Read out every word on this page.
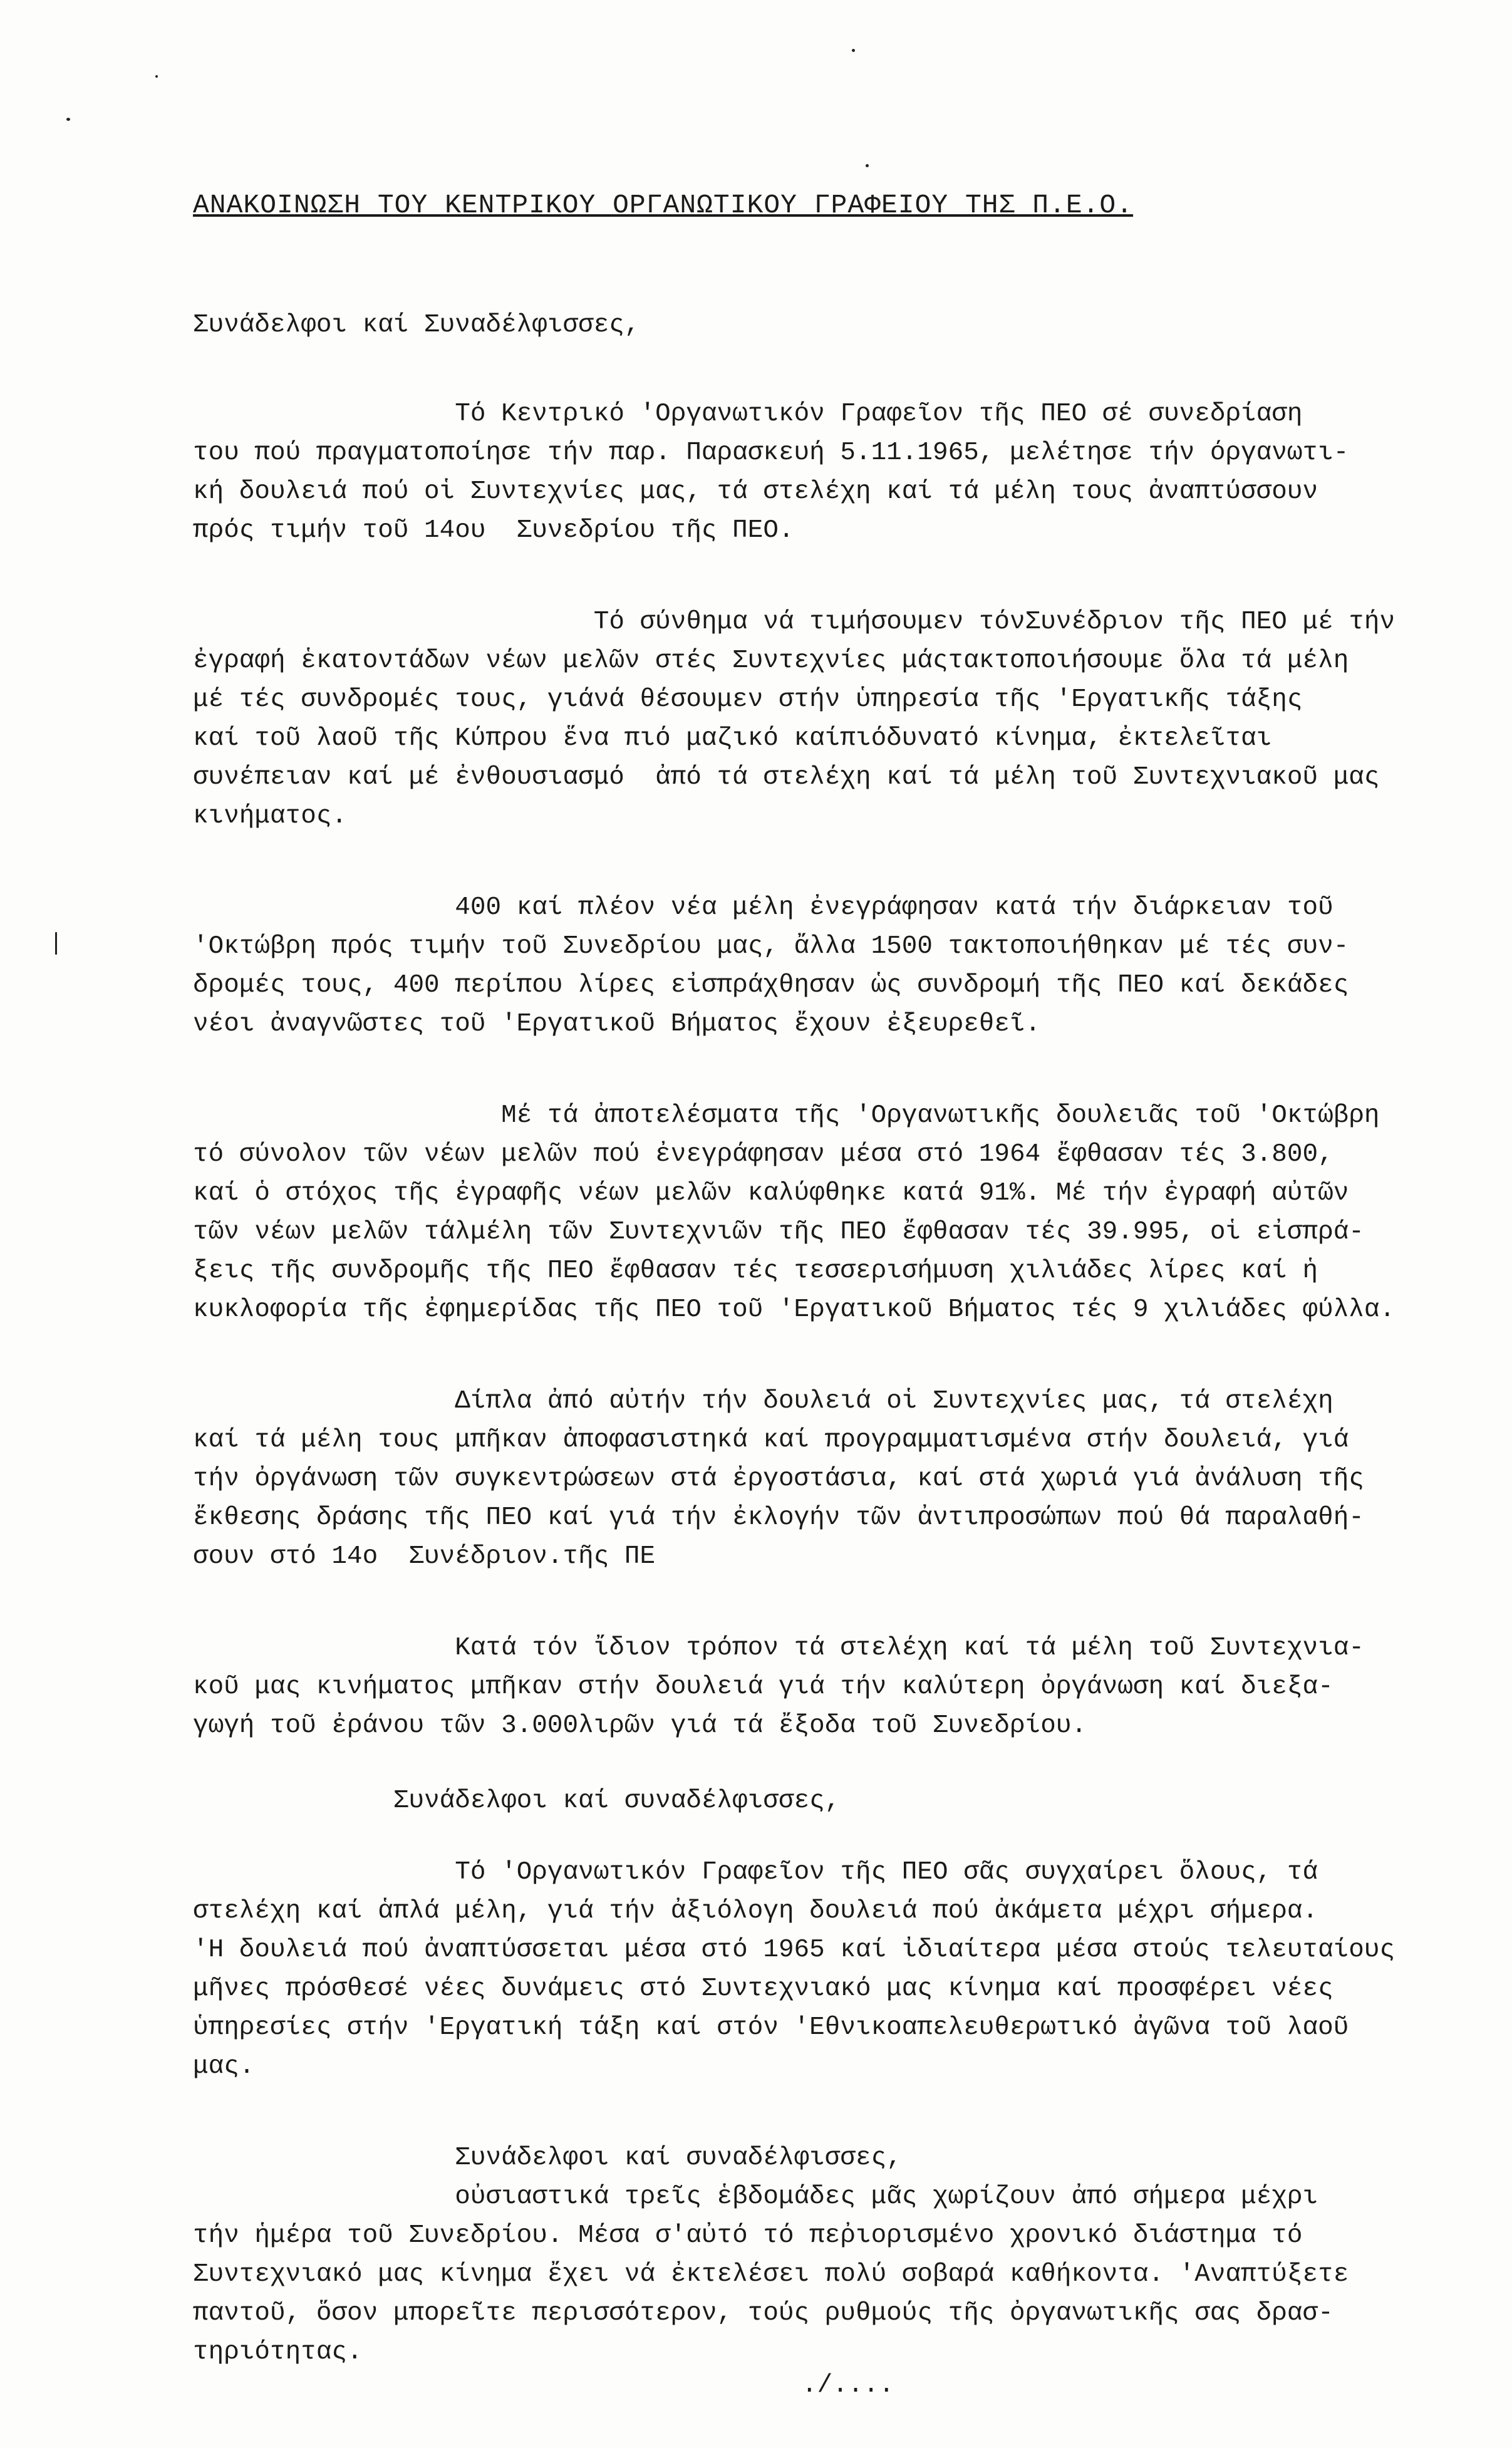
ΑΝΑΚΟΙΝΩΣΗ ΤΟΥ ΚΕΝΤΡΙΚΟΥ ΟΡΓΑΝΩΤΙΚΟΥ ΓΡΑΦΕΙΟΥ ΤΗΣ Π.Ε.Ο.

Συνάδελφοι καί Συναδέλφισσες,

Τό Κεντρικό 'Οργανωτικόν Γραφεῖον τῆς ΠΕΟ σέ συνεδρίαση
του πού πραγματοποίησε τήν παρ. Παρασκευή 5.11.1965, μελέτησε τήν όργανωτι-
κή δουλειά πού οἱ Συντεχνίες μας, τά στελέχη καί τά μέλη τους ἀναπτύσσουν
πρός τιμήν τοῦ 14ου  Συνεδρίου τῆς ΠΕΟ.

Τό σύνθημα νά τιμήσουμεν τόνΣυνέδριον τῆς ΠΕΟ μέ τήν
ἐγραφή ἑκατοντάδων νέων μελῶν στές Συντεχνίες μάςτακτοποιήσουμε ὅλα τά μέλη
μέ τές συνδρομές τους, γιάνά θέσουμεν στήν ὑπηρεσία τῆς 'Εργατικῆς τάξης
καί τοῦ λαοῦ τῆς Κύπρου ἕνα πιό μαζικό καίπιόδυνατό κίνημα, ἐκτελεῖται
συνέπειαν καί μέ ἐνθουσιασμό  ἀπό τά στελέχη καί τά μέλη τοῦ Συντεχνιακοῦ μας
κινήματος.

400 καί πλέον νέα μέλη ἐνεγράφησαν κατά τήν διάρκειαν τοῦ
'Οκτώβρη πρός τιμήν τοῦ Συνεδρίου μας, ἄλλα 1500 τακτοποιήθηκαν μέ τές συν-
δρομές τους, 400 περίπου λίρες εἰσπράχθησαν ὡς συνδρομή τῆς ΠΕΟ καί δεκάδες
νέοι ἀναγνῶστες τοῦ 'Εργατικοῦ Βήματος ἔχουν ἐξευρεθεῖ.

Μέ τά ἀποτελέσματα τῆς 'Οργανωτικῆς δουλειᾶς τοῦ 'Οκτώβρη
τό σύνολον τῶν νέων μελῶν πού ἐνεγράφησαν μέσα στό 1964 ἔφθασαν τές 3.800,
καί ὁ στόχος τῆς ἐγραφῆς νέων μελῶν καλύφθηκε κατά 91%. Μέ τήν ἐγραφή αὐτῶν
τῶν νέων μελῶν τάλμέλη τῶν Συντεχνιῶν τῆς ΠΕΟ ἔφθασαν τές 39.995, οἱ εἰσπρά-
ξεις τῆς συνδρομῆς τῆς ΠΕΟ ἔφθασαν τές τεσσερισήμυση χιλιάδες λίρες καί ἡ
κυκλοφορία τῆς ἐφημερίδας τῆς ΠΕΟ τοῦ 'Εργατικοῦ Βήματος τές 9 χιλιάδες φύλλα.

Δίπλα ἀπό αὐτήν τήν δουλειά οἱ Συντεχνίες μας, τά στελέχη
καί τά μέλη τους μπῆκαν ἀποφασιστηκά καί προγραμματισμένα στήν δουλειά, γιά
τήν ὀργάνωση τῶν συγκεντρώσεων στά ἐργοστάσια, καί στά χωριά γιά ἀνάλυση τῆς
ἔκθεσης δράσης τῆς ΠΕΟ καί γιά τήν ἐκλογήν τῶν ἀντιπροσώπων πού θά παραλαθή-
σουν στό 14ο  Συνέδριον.τῆς ΠΕ

Κατά τόν ἴδιον τρόπον τά στελέχη καί τά μέλη τοῦ Συντεχνια-
κοῦ μας κινήματος μπῆκαν στήν δουλειά γιά τήν καλύτερη ὀργάνωση καί διεξα-
γωγή τοῦ ἐράνου τῶν 3.000λιρῶν γιά τά ἔξοδα τοῦ Συνεδρίου.

Συνάδελφοι καί συναδέλφισσες,

Τό 'Οργανωτικόν Γραφεῖον τῆς ΠΕΟ σᾶς συγχαίρει ὅλους, τά
στελέχη καί ἁπλά μέλη, γιά τήν ἀξιόλογη δουλειά πού ἀκάμετα μέχρι σήμερα.
'Η δουλειά πού ἀναπτύσσεται μέσα στό 1965 καί ἰδιαίτερα μέσα στούς τελευταίους
μῆνες πρόσθεσέ νέες δυνάμεις στό Συντεχνιακό μας κίνημα καί προσφέρει νέες
ὑπηρεσίες στήν 'Εργατική τάξη καί στόν 'Εθνικοαπελευθερωτικό ἀγῶνα τοῦ λαοῦ
μας.

Συνάδελφοι καί συναδέλφισσες,

οὐσιαστικά τρεῖς ἑβδομάδες μᾶς χωρίζουν ἀπό σήμερα μέχρι
τήν ἡμέρα τοῦ Συνεδρίου. Μέσα σ'αὐτό τό πεῤιορισμένο χρονικό διάστημα τό
Συντεχνιακό μας κίνημα ἔχει νά ἐκτελέσει πολύ σοβαρά καθήκοντα. 'Αναπτύξετε
παντοῦ, ὅσον μπορεῖτε περισσότερον, τούς ρυθμούς τῆς ὀργανωτικῆς σας δρασ-
τηριότητας.

./....
